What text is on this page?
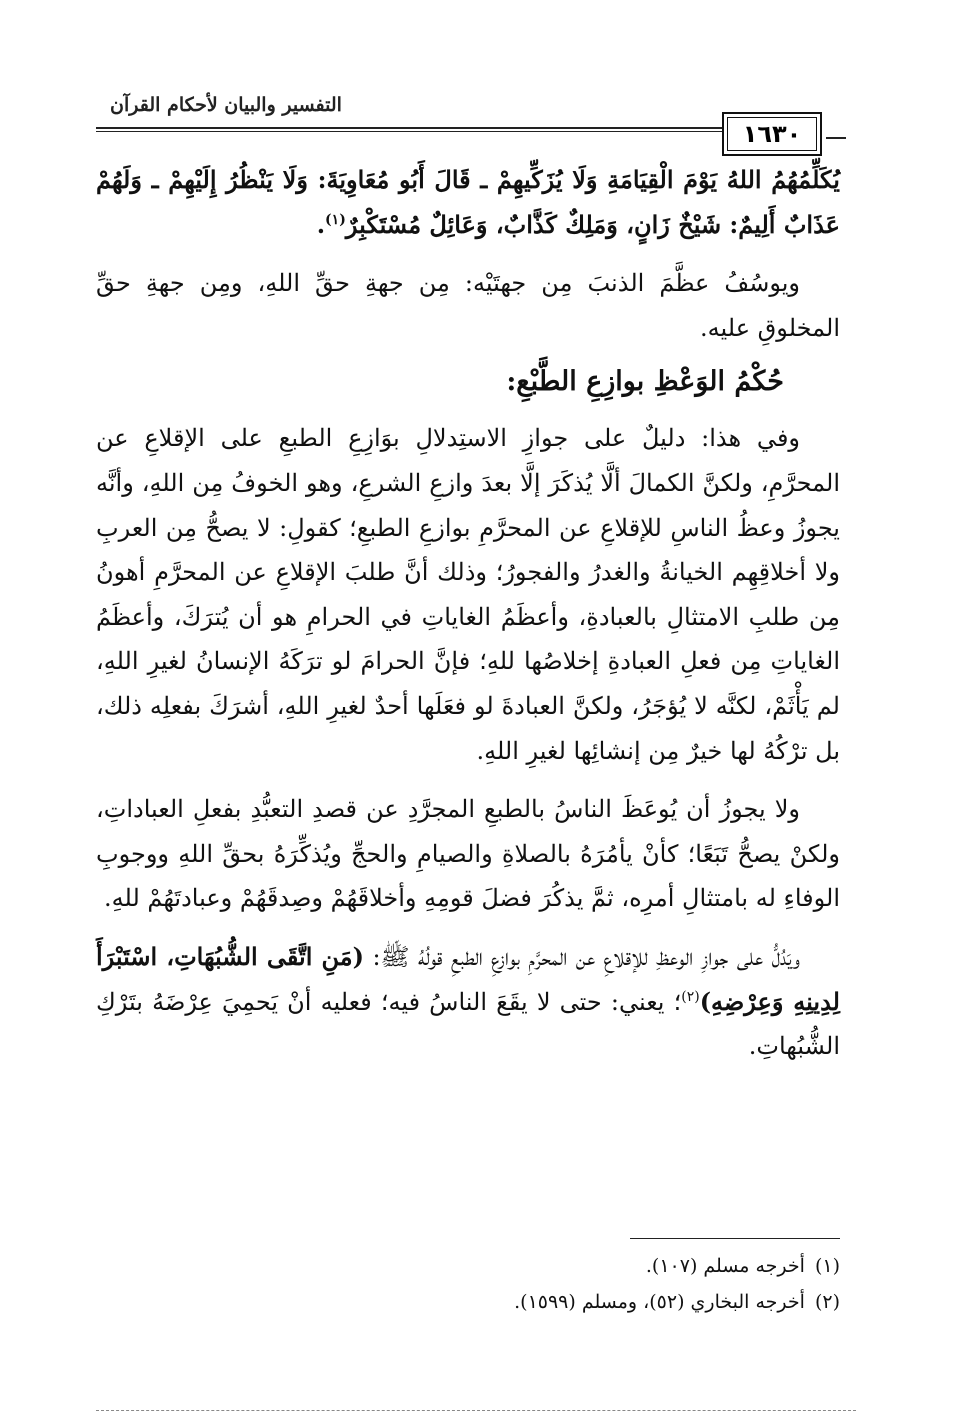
التفسير والبيان لأحكام القرآن
١٦٣٠

يُكَلِّمُهُمُ اللهُ يَوْمَ الْقِيَامَةِ وَلَا يُزَكِّيهِمْ ـ قَالَ أَبُو مُعَاوِيَةَ: وَلَا يَنْظُرُ إِلَيْهِمْ ـ وَلَهُمْ عَذَابٌ أَلِيمٌ: شَيْخٌ زَانٍ، وَمَلِكٌ كَذَّابٌ، وَعَائِلٌ مُسْتَكْبِرٌ$^{(١)}$.

ويوسُفُ عظَّمَ الذنبَ مِن جهتَيْه: مِن جهةِ حقِّ اللهِ، ومِن جهةِ حقِّ المخلوقِ عليه.

حُكْمُ الوَعْظِ بوازِعِ الطَّبْعِ:

وفي هذا: دليلٌ على جوازِ الاستِدلالِ بوَازِعِ الطبعِ على الإقلاعِ عن المحرَّمِ، ولكنَّ الكمالَ ألَّا يُذكَرَ إلَّا بعدَ وازعِ الشرعِ، وهو الخوفُ مِن اللهِ، وأنَّه يجوزُ وعظُ الناسِ للإقلاعِ عن المحرَّمِ بوازعِ الطبعِ؛ كقولِ: لا يصحُّ مِن العربِ ولا أخلاقِهِم الخيانةُ والغدرُ والفجورُ؛ وذلك أنَّ طلبَ الإقلاعِ عن المحرَّمِ أهونُ مِن طلبِ الامتثالِ بالعبادةِ، وأعظَمُ الغاياتِ في الحرامِ هو أن يُترَكَ، وأعظَمُ الغاياتِ مِن فعلِ العبادةِ إخلاصُها للهِ؛ فإنَّ الحرامَ لو ترَكَهُ الإنسانُ لغيرِ اللهِ، لم يَأْثَمْ، لكنَّه لا يُؤجَرُ، ولكنَّ العبادةَ لو فعَلَها أحدٌ لغيرِ اللهِ، أشرَكَ بفعلِه ذلك، بل ترْكُهُ لها خيرٌ مِن إنشائِها لغيرِ اللهِ.

ولا يجوزُ أن يُوعَظَ الناسُ بالطبعِ المجرَّدِ عن قصدِ التعبُّدِ بفعلِ العباداتِ، ولكنْ يصحُّ تَبَعًا؛ كأنْ يأمُرَهُ بالصلاةِ والصيامِ والحجِّ ويُذكِّرَهُ بحقِّ اللهِ ووجوبِ الوفاءِ له بامتثالِ أمرِه، ثمَّ يذكُرَ فضلَ قومِهِ وأخلاقَهُمْ وصِدقَهُمْ وعبادتَهُمْ للهِ.

ويَدُلُّ على جوازِ الوعظِ للإقلاعِ عن المحرَّمِ بوازعِ الطبعِ قولُهُ ﷺ: (مَنِ اتَّقَى الشُّبُهَاتِ، اسْتَبْرَأَ لِدِينِهِ وَعِرْضِهِ)$^{(٢)}$؛ يعني: حتى لا يقَعَ الناسُ فيه؛ فعليه أنْ يَحمِيَ عِرْضَهُ بتَرْكِ الشُّبُهاتِ.

(١)أخرجه مسلم (١٠٧).
(٢)أخرجه البخاري (٥٢)، ومسلم (١٥٩٩).
